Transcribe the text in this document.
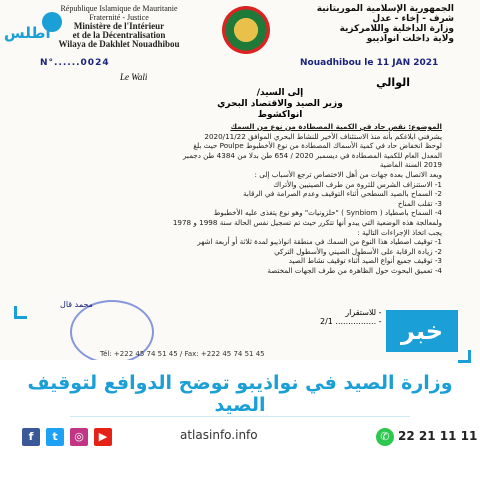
République Islamique de Mauritanie
Fraternité - Justice
Ministère de l'Intérieur
et de la Décentralisation
Wilaya de Dakhlet Nouadhibou
الجمهورية الإسلامية الموريتانية
شرف - إخاء - عدل
وزارة الداخلية واللامركزية
ولاية داخلت انواذيبو
N°......0024	Nouadhibou le 11 JAN 2021
Le Wali	الوالي
إلى السيد/
وزير الصيد والاقتصاد البحري
انواكشوط
الموضوع: نقص حاد في الكمية المصطادة من نوع من السمك
يشرفني ابلاغكم بأنه منذ الاستئناف الأخير للنشاط البحري الموافق 2020/11/22
لوحظ انخفاض حاد في كمية الأسماك المصطادة من نوع الأخطبوط Poulpe حيث بلغ
المعدل العام للكمية المصطادة في ديسمبر 2020 / 654 طن بدلا من 4384 طن دجمبر
2019 السنة الماضية
وبعد الاتصال بعدة جهات من أهل الاختصاص ترجع الأسباب إلى :
1- الاستنزاف الشرس للثروة من طرف الصينيين والأتراك
2- السماح بالصيد السطحي أثناء التوقيف وعدم الصرامة في الرقابة
3- تقلب المناخ
4- السماح باصطياد ( Synbiom ) "حلزونيات" وهو نوع يتغذى عليه الأخطبوط
ولمعالجة هذه الوضعية التي يبدو أنها تتكرر حيث تم تسجيل نفس الحالة سنة 1998 و 1978
يجب اتخاذ الإجراءات التالية :
1- توقيف اصطياد هذا النوع من السمك في منطقة انواذيبو لمدة ثلاثة أو أربعة اشهر
2- زيادة الرقابة على الأسطول الصيني والأسطول التركي
3- توقيف جميع أنواع الصيد أثناء توقيف نشاط الصيد
4- تعميق البحوث حول الظاهرة من طرف الجهات المختصة
محمد قال
- للاستقرار
- ................ 2/1
Tél: +222 45 74 51 45 / Fax: +222 45 74 51 45
أطلس
خبر
وزارة الصيد في نواذيبو توضح الدوافع لتوقيف الصيد
f	t	◎	▶	atlasinfo.info	✆ 22 21 11 11
